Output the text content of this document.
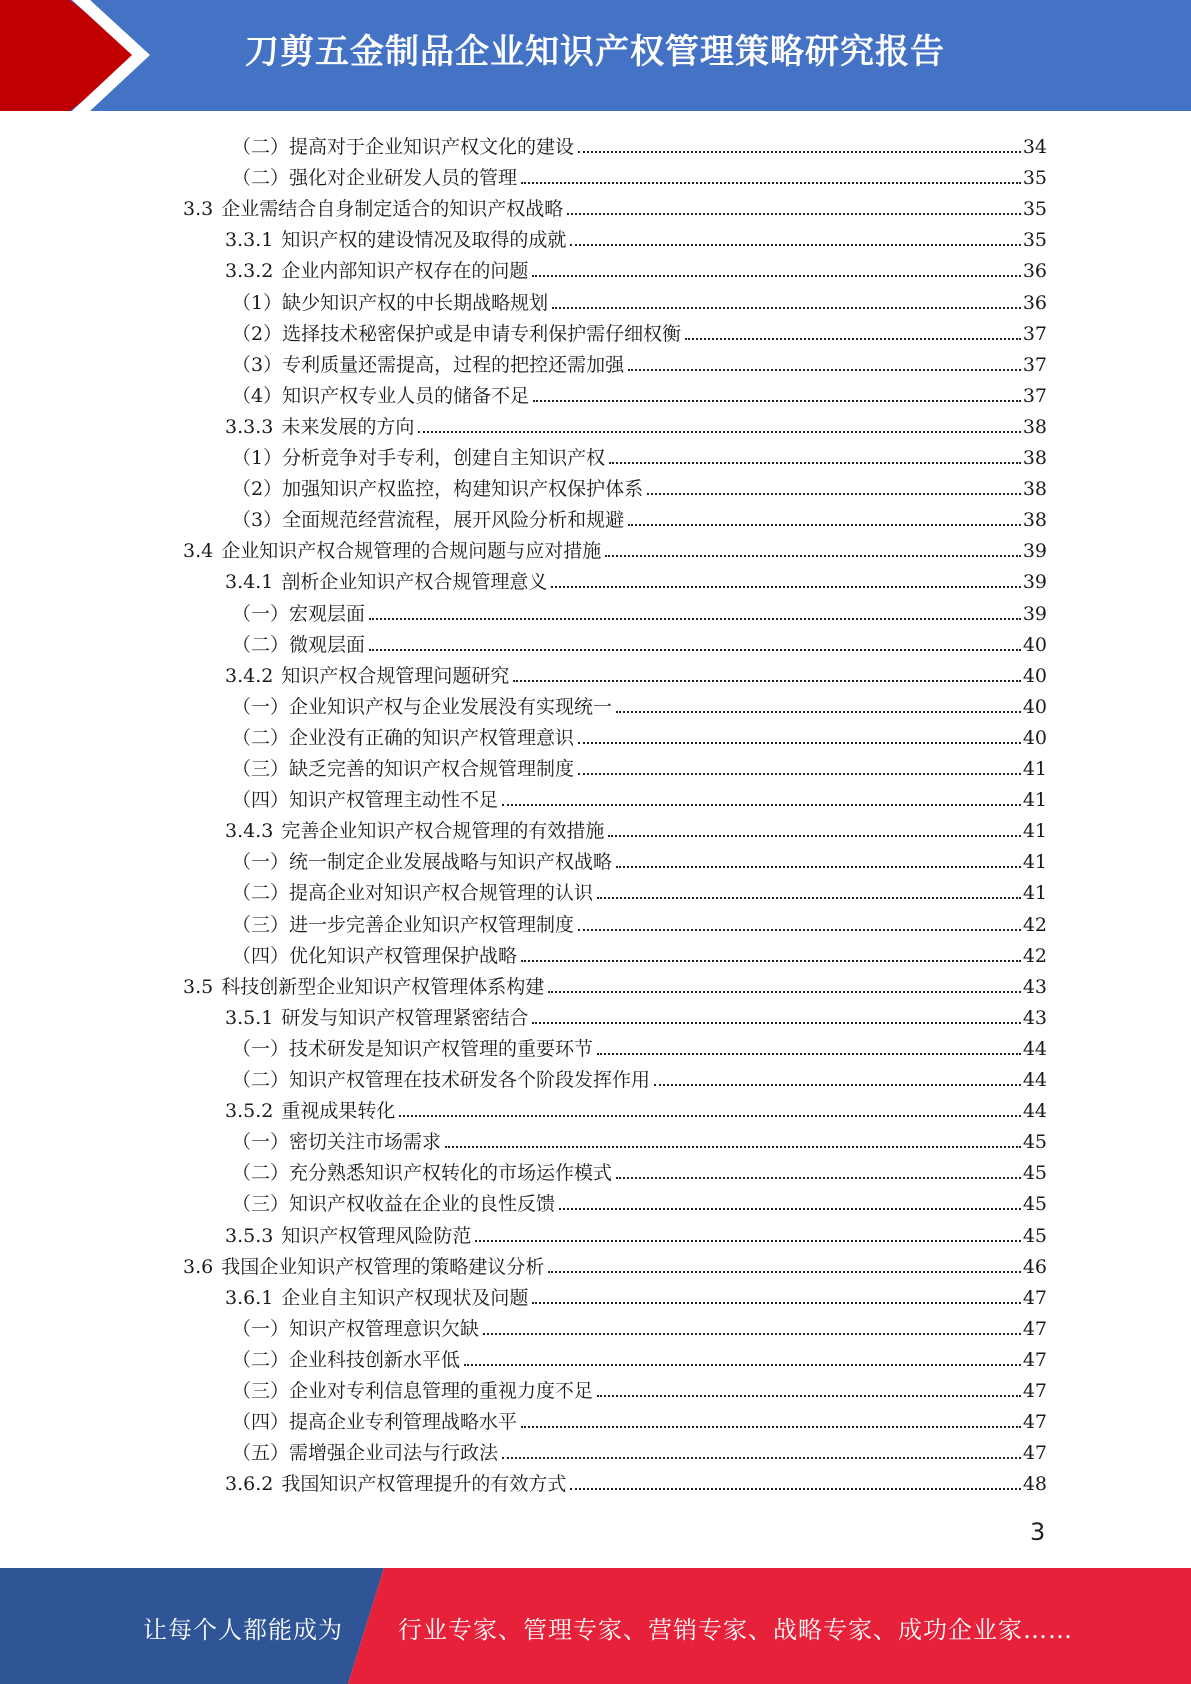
刀剪五金制品企业知识产权管理策略研究报告
（二）提高对于企业知识产权文化的建设	34
（二）强化对企业研发人员的管理	35
3.3 企业需结合自身制定适合的知识产权战略	35
3.3.1 知识产权的建设情况及取得的成就	35
3.3.2 企业内部知识产权存在的问题	36
（1）缺少知识产权的中长期战略规划	36
（2）选择技术秘密保护或是申请专利保护需仔细权衡	37
（3）专利质量还需提高，过程的把控还需加强	37
（4）知识产权专业人员的储备不足	37
3.3.3 未来发展的方向	38
（1）分析竞争对手专利，创建自主知识产权	38
（2）加强知识产权监控，构建知识产权保护体系	38
（3）全面规范经营流程，展开风险分析和规避	38
3.4 企业知识产权合规管理的合规问题与应对措施	39
3.4.1 剖析企业知识产权合规管理意义	39
（一）宏观层面	39
（二）微观层面	40
3.4.2 知识产权合规管理问题研究	40
（一）企业知识产权与企业发展没有实现统一	40
（二）企业没有正确的知识产权管理意识	40
（三）缺乏完善的知识产权合规管理制度	41
（四）知识产权管理主动性不足	41
3.4.3 完善企业知识产权合规管理的有效措施	41
（一）统一制定企业发展战略与知识产权战略	41
（二）提高企业对知识产权合规管理的认识	41
（三）进一步完善企业知识产权管理制度	42
（四）优化知识产权管理保护战略	42
3.5 科技创新型企业知识产权管理体系构建	43
3.5.1 研发与知识产权管理紧密结合	43
（一）技术研发是知识产权管理的重要环节	44
（二）知识产权管理在技术研发各个阶段发挥作用	44
3.5.2 重视成果转化	44
（一）密切关注市场需求	45
（二）充分熟悉知识产权转化的市场运作模式	45
（三）知识产权收益在企业的良性反馈	45
3.5.3 知识产权管理风险防范	45
3.6 我国企业知识产权管理的策略建议分析	46
3.6.1 企业自主知识产权现状及问题	47
（一）知识产权管理意识欠缺	47
（二）企业科技创新水平低	47
（三）企业对专利信息管理的重视力度不足	47
（四）提高企业专利管理战略水平	47
（五）需增强企业司法与行政法	47
3.6.2 我国知识产权管理提升的有效方式	48
3
让每个人都能成为 行业专家、管理专家、营销专家、战略专家、成功企业家……
